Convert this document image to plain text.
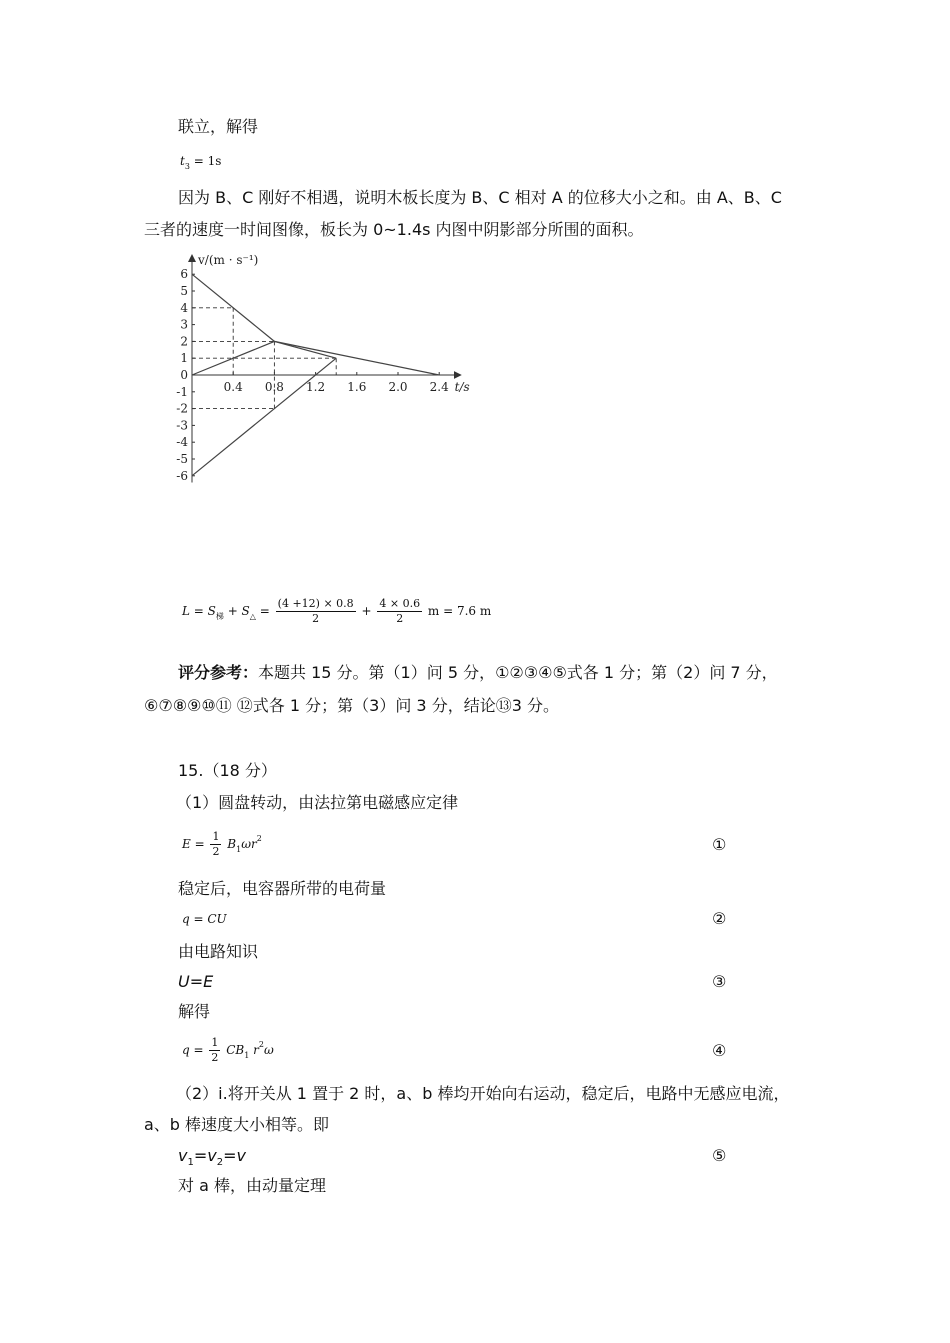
联立，解得
$t_3 = 1s$
因为 B、C 刚好不相遇，说明木板长度为 B、C 相对 A 的位移大小之和。由 A、B、C
三者的速度一时间图像，板长为 0~1.4s 内图中阴影部分所围的面积。
6
5
4
3
2
1
0
-1
-2
-3
-4
-5
-6
0.4 0.8 1.2 1.6 2.0 2.4
v/(m · s⁻¹)
t/s
$L = S_梯 + S_\triangle = \frac{(4 +12) \times 0.8}{2} + \frac{4 \times 0.6}{2}$ m = 7.6 m
评分参考：本题共 15 分。第（1）问 5 分，①②③④⑤式各 1 分；第（2）问 7 分，
⑥⑦⑧⑨⑩⑪ ⑫式各 1 分；第（3）问 3 分，结论⑬3 分。
15.（18 分）
（1）圆盘转动，由法拉第电磁感应定律
$E = \frac{1}{2} B_1\omega r^2$	①
稳定后，电容器所带的电荷量
q = CU	②
由电路知识
U=E	③
解得
$q = \frac{1}{2} CB_1$ $r^2\omega$	④
（2）i.将开关从 1 置于 2 时，a、b 棒均开始向右运动，稳定后，电路中无感应电流，
a、b 棒速度大小相等。即
$v_1=v_2=v$	⑤
对 a 棒，由动量定理
